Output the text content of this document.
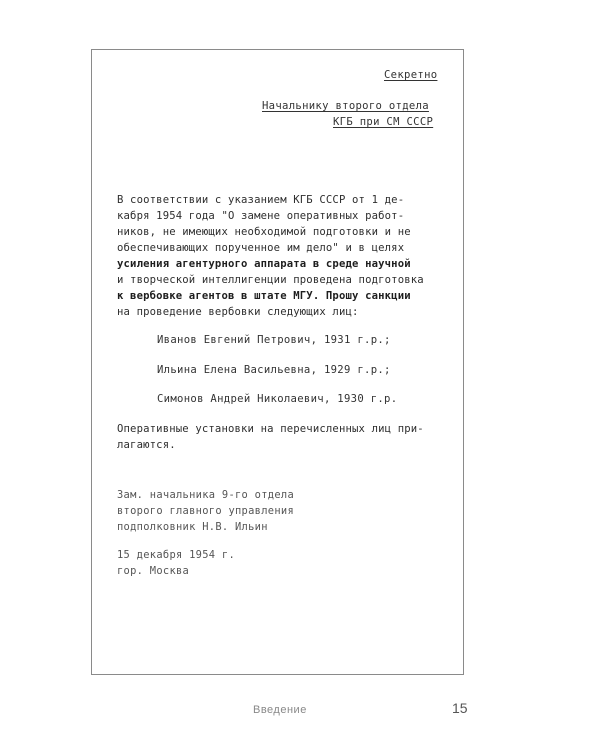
Секретно
Начальнику второго отдела
КГБ при СМ СССР
В соответствии с указанием КГБ СССР от 1 де-
кабря 1954 года "О замене оперативных работ-
ников, не имеющих необходимой подготовки и не
обеспечивающих порученное им дело" и в целях
усиления агентурного аппарата в среде научной
и творческой интеллигенции проведена подготовка
к вербовке агентов в штате МГУ. Прошу санкции
на проведение вербовки следующих лиц:
Иванов Евгений Петрович, 1931 г.р.;
Ильина Елена Васильевна, 1929 г.р.;
Симонов Андрей Николаевич, 1930 г.р.
Оперативные установки на перечисленных лиц при-
лагаются.
Зам. начальника 9-го отдела
второго главного управления
подполковник Н.В. Ильин
15 декабря 1954 г.
гор. Москва
Введение	15
